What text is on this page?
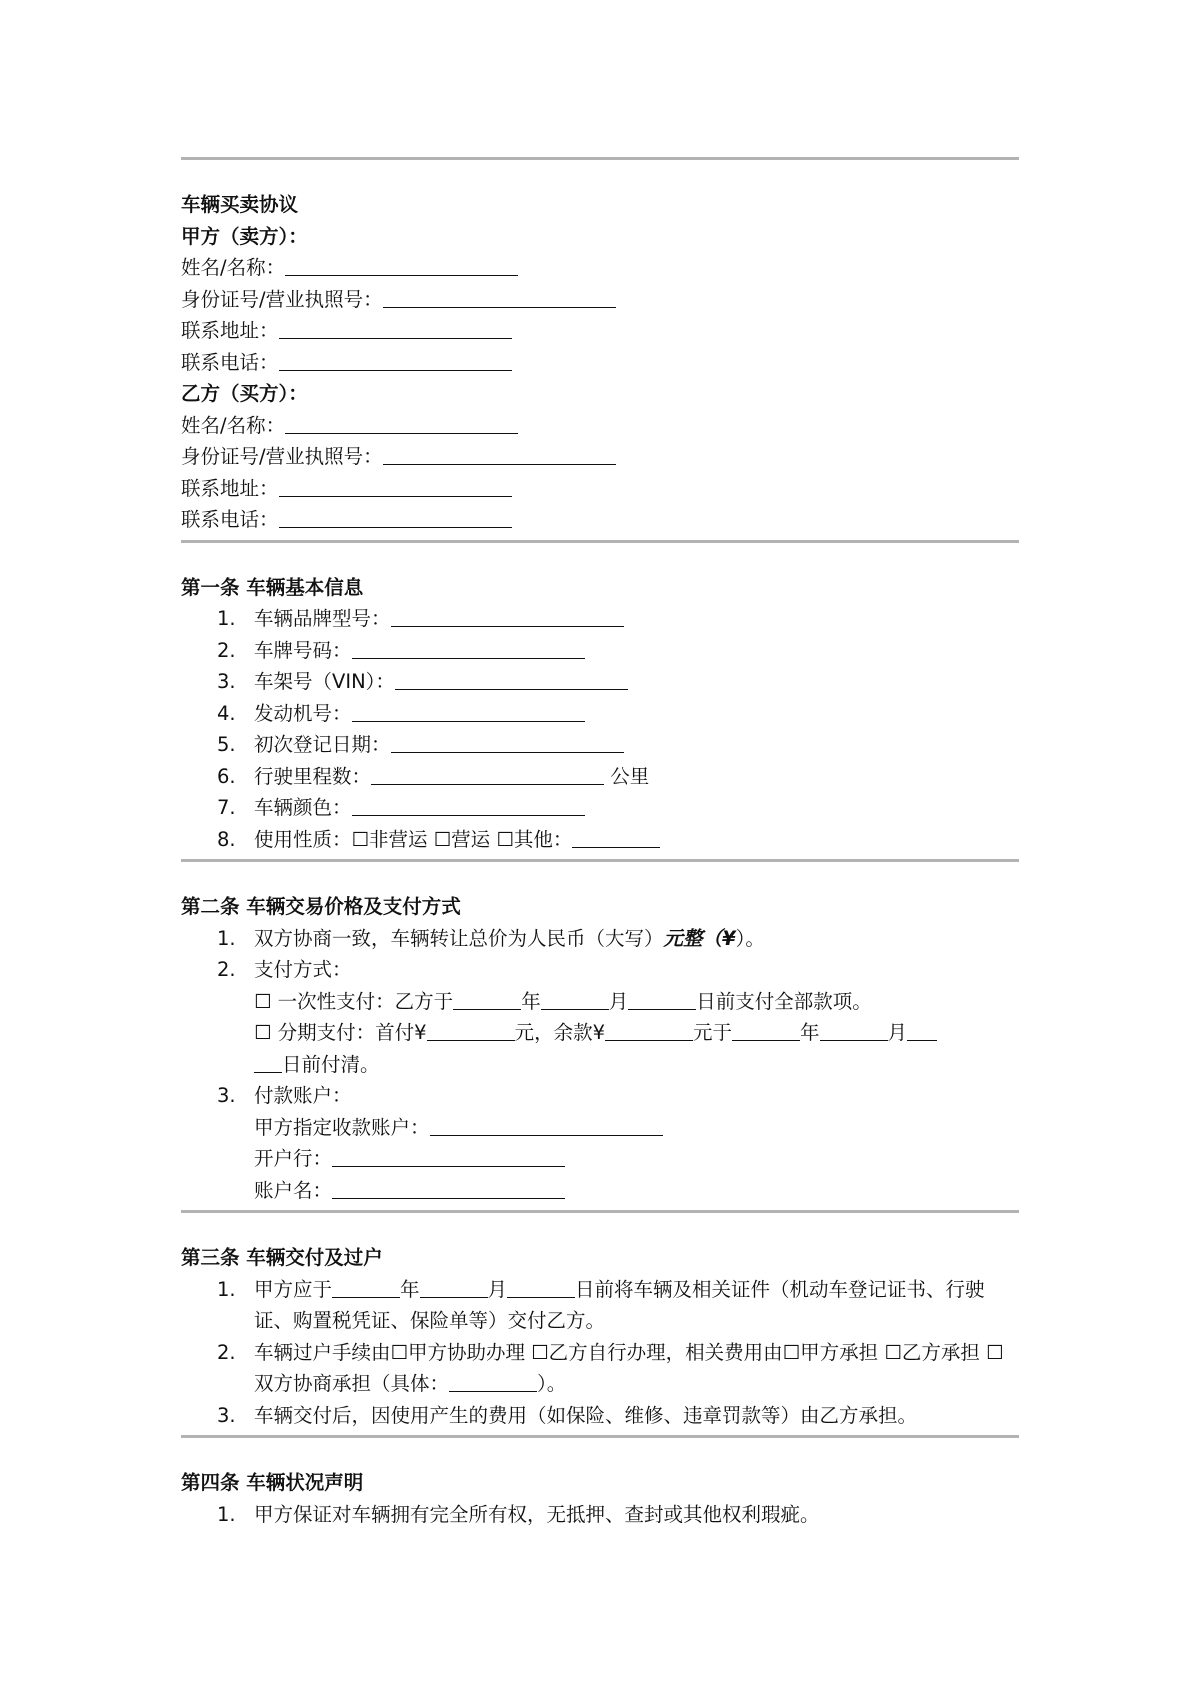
车辆买卖协议
甲方（卖方）：
姓名/名称：
身份证号/营业执照号：
联系地址：
联系电话：
乙方（买方）：
姓名/名称：
身份证号/营业执照号：
联系地址：
联系电话：
第一条 车辆基本信息
1. 车辆品牌型号：
2. 车牌号码：
3. 车架号（VIN）：
4. 发动机号：
5. 初次登记日期：
6. 行驶里程数：	公里
7. 车辆颜色：
8. 使用性质：☐非营运 ☐营运 ☐其他：
第二条 车辆交易价格及支付方式
1. 双方协商一致，车辆转让总价为人民币（大写）元整（¥）。
2. 支付方式：
☐ 一次性支付：乙方于	年	月	日前支付全部款项。
☐ 分期支付：首付¥	元，余款¥	元于	年	月
日前付清。
3. 付款账户：
甲方指定收款账户：
开户行：
账户名：
第三条 车辆交付及过户
1. 甲方应于	年	月	日前将车辆及相关证件（机动车登记证书、行驶证、购置税凭证、保险单等）交付乙方。
2. 车辆过户手续由☐甲方协助办理 ☐乙方自行办理，相关费用由☐甲方承担 ☐乙方承担 ☐双方协商承担（具体：	）。
3. 车辆交付后，因使用产生的费用（如保险、维修、违章罚款等）由乙方承担。
第四条 车辆状况声明
1. 甲方保证对车辆拥有完全所有权，无抵押、查封或其他权利瑕疵。
